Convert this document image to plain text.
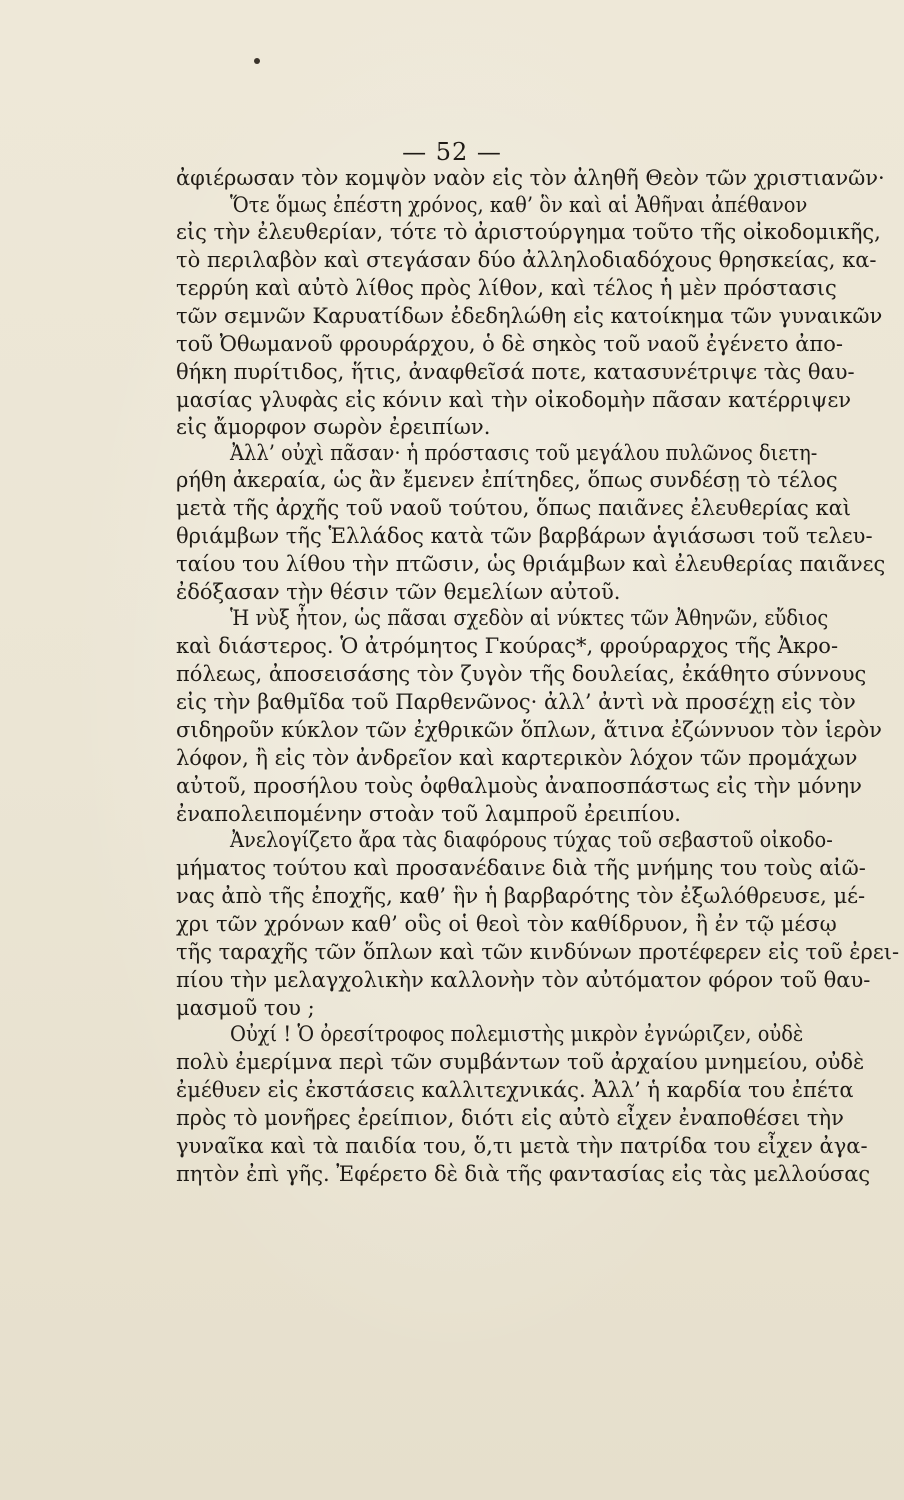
— 52 —
ἀφιέρωσαν τὸν κομψὸν ναὸν εἰς τὸν ἀληθῆ Θεὸν τῶν χριστιανῶν·
Ὅτε ὅμως ἐπέστη χρόνος, καθ’ ὃν καὶ αἱ Ἀθῆναι ἀπέθανον
εἰς τὴν ἐλευθερίαν, τότε τὸ ἀριστούργημα τοῦτο τῆς οἰκοδομικῆς,
τὸ περιλαβὸν καὶ στεγάσαν δύο ἀλληλοδιαδόχους θρησκείας, κα-
τερρύη καὶ αὐτὸ λίθος πρὸς λίθον, καὶ τέλος ἡ μὲν πρόστασις
τῶν σεμνῶν Καρυατίδων ἐδεδηλώθη εἰς κατοίκημα τῶν γυναικῶν
τοῦ Ὀθωμανοῦ φρουράρχου, ὁ δὲ σηκὸς τοῦ ναοῦ ἐγένετο ἀπο-
θήκη πυρίτιδος, ἥτις, ἀναφθεῖσά ποτε, κατασυνέτριψε τὰς θαυ-
μασίας γλυφὰς εἰς κόνιν καὶ τὴν οἰκοδομὴν πᾶσαν κατέρριψεν
εἰς ἄμορφον σωρὸν ἐρειπίων.
Ἀλλ’ οὐχὶ πᾶσαν· ἡ πρόστασις τοῦ μεγάλου πυλῶνος διετη-
ρήθη ἀκεραία, ὡς ἂν ἔμενεν ἐπίτηδες, ὅπως συνδέσῃ τὸ τέλος
μετὰ τῆς ἀρχῆς τοῦ ναοῦ τούτου, ὅπως παιᾶνες ἐλευθερίας καὶ
θριάμβων τῆς Ἑλλάδος κατὰ τῶν βαρβάρων ἁγιάσωσι τοῦ τελευ-
ταίου του λίθου τὴν πτῶσιν, ὡς θριάμβων καὶ ἐλευθερίας παιᾶνες
ἐδόξασαν τὴν θέσιν τῶν θεμελίων αὐτοῦ.
Ἡ νὺξ ἦτον, ὡς πᾶσαι σχεδὸν αἱ νύκτες τῶν Ἀθηνῶν, εὔδιος
καὶ διάστερος. Ὁ ἀτρόμητος Γκούρας*, φρούραρχος τῆς Ἀκρο-
πόλεως, ἀποσεισάσης τὸν ζυγὸν τῆς δουλείας, ἐκάθητο σύννους
εἰς τὴν βαθμῖδα τοῦ Παρθενῶνος· ἀλλ’ ἀντὶ νὰ προσέχῃ εἰς τὸν
σιδηροῦν κύκλον τῶν ἐχθρικῶν ὅπλων, ἅτινα ἐζώννυον τὸν ἱερὸν
λόφον, ἢ εἰς τὸν ἀνδρεῖον καὶ καρτερικὸν λόχον τῶν προμάχων
αὐτοῦ, προσήλου τοὺς ὀφθαλμοὺς ἀναποσπάστως εἰς τὴν μόνην
ἐναπολειπομένην στοὰν τοῦ λαμπροῦ ἐρειπίου.
Ἀνελογίζετο ἄρα τὰς διαφόρους τύχας τοῦ σεβαστοῦ οἰκοδο-
μήματος τούτου καὶ προσανέδαινε διὰ τῆς μνήμης του τοὺς αἰῶ-
νας ἀπὸ τῆς ἐποχῆς, καθ’ ἣν ἡ βαρβαρότης τὸν ἐξωλόθρευσε, μέ-
χρι τῶν χρόνων καθ’ οὓς οἱ θεοὶ τὸν καθίδρυον, ἢ ἐν τῷ μέσῳ
τῆς ταραχῆς τῶν ὅπλων καὶ τῶν κινδύνων προτέφερεν εἰς τοῦ ἐρει-
πίου τὴν μελαγχολικὴν καλλονὴν τὸν αὐτόματον φόρον τοῦ θαυ-
μασμοῦ του ;
Οὐχί ! Ὁ ὀρεσίτροφος πολεμιστὴς μικρὸν ἐγνώριζεν, οὐδὲ
πολὺ ἐμερίμνα περὶ τῶν συμβάντων τοῦ ἀρχαίου μνημείου, οὐδὲ
ἐμέθυεν εἰς ἐκστάσεις καλλιτεχνικάς. Ἀλλ’ ἡ καρδία του ἐπέτα
πρὸς τὸ μονῆρες ἐρείπιον, διότι εἰς αὐτὸ εἶχεν ἐναποθέσει τὴν
γυναῖκα καὶ τὰ παιδία του, ὅ,τι μετὰ τὴν πατρίδα του εἶχεν ἀγα-
πητὸν ἐπὶ γῆς. Ἐφέρετο δὲ διὰ τῆς φαντασίας εἰς τὰς μελλούσας
